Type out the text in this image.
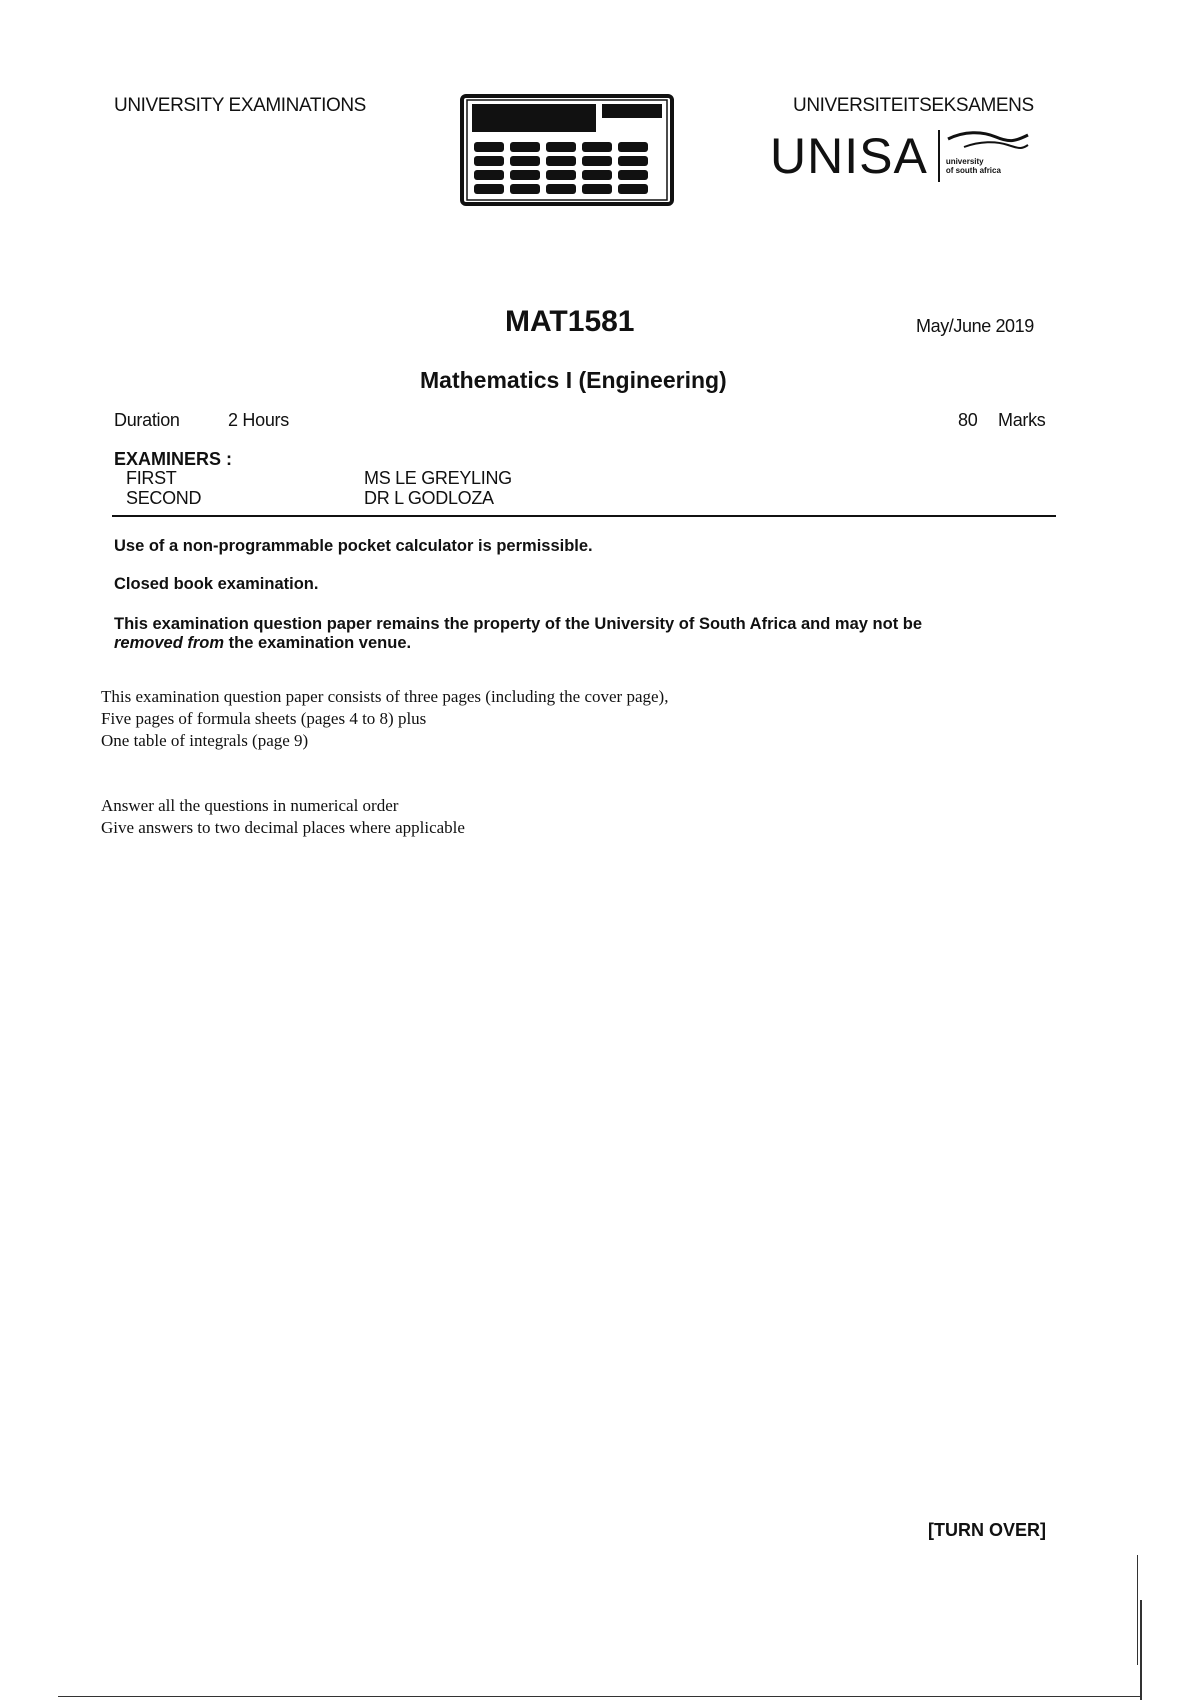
UNIVERSITY EXAMINATIONS	UNIVERSITEITSEKSAMENS
UNISA university
of south africa
MAT1581	May/June 2019
Mathematics I (Engineering)
Duration	2 Hours	80 Marks
EXAMINERS :
FIRST	MS LE GREYLING
SECOND	DR L GODLOZA
Use of a non-programmable pocket calculator is permissible.
Closed book examination.
This examination question paper remains the property of the University of South Africa and may not be
removed from the examination venue.
This examination question paper consists of three pages (including the cover page),
Five pages of formula sheets (pages 4 to 8) plus
One table of integrals (page 9)
Answer all the questions in numerical order
Give answers to two decimal places where applicable
[TURN OVER]
